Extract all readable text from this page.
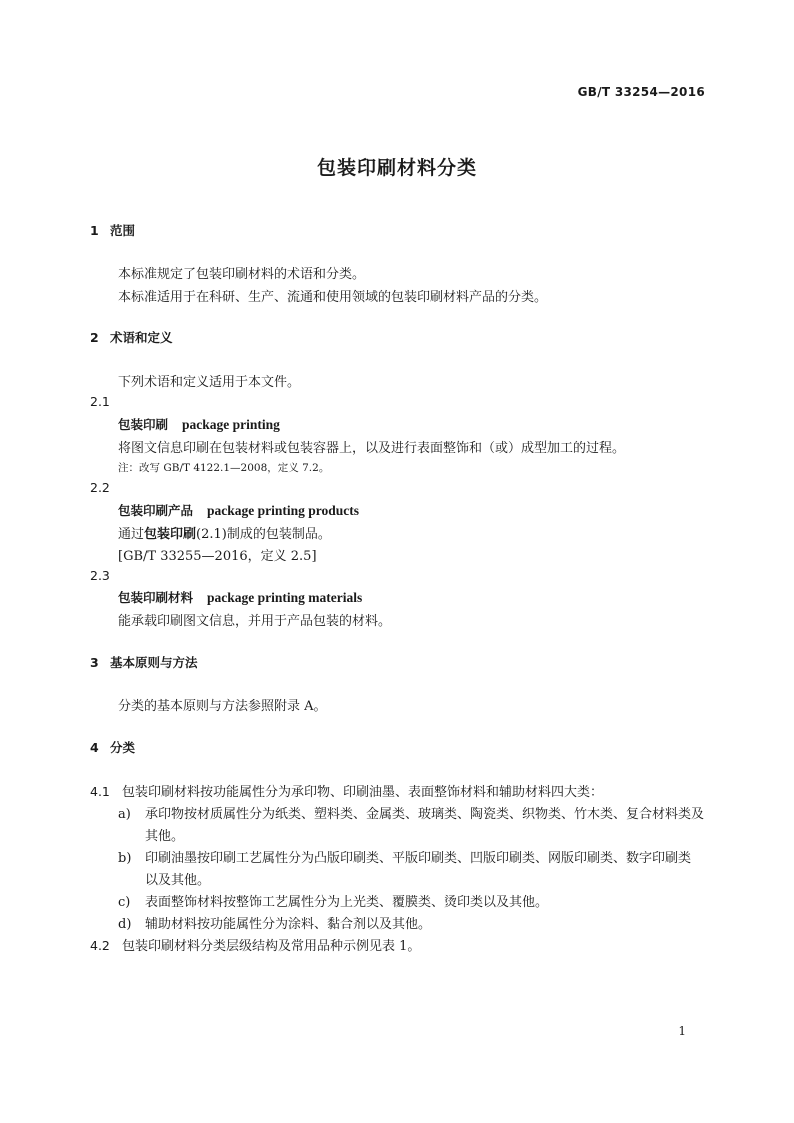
GB/T 33254—2016
包装印刷材料分类
1 范围
本标准规定了包装印刷材料的术语和分类。
本标准适用于在科研、生产、流通和使用领域的包装印刷材料产品的分类。
2 术语和定义
下列术语和定义适用于本文件。
2.1
包装印刷 package printing
将图文信息印刷在包装材料或包装容器上，以及进行表面整饰和（或）成型加工的过程。
注：改写 GB/T 4122.1—2008，定义 7.2。
2.2
包装印刷产品 package printing products
通过包装印刷(2.1)制成的包装制品。
[GB/T 33255—2016，定义 2.5]
2.3
包装印刷材料 package printing materials
能承载印刷图文信息，并用于产品包装的材料。
3 基本原则与方法
分类的基本原则与方法参照附录 A。
4 分类
4.1 包装印刷材料按功能属性分为承印物、印刷油墨、表面整饰材料和辅助材料四大类：
a) 承印物按材质属性分为纸类、塑料类、金属类、玻璃类、陶瓷类、织物类、竹木类、复合材料类及
其他。
b) 印刷油墨按印刷工艺属性分为凸版印刷类、平版印刷类、凹版印刷类、网版印刷类、数字印刷类
以及其他。
c) 表面整饰材料按整饰工艺属性分为上光类、覆膜类、烫印类以及其他。
d) 辅助材料按功能属性分为涂料、黏合剂以及其他。
4.2 包装印刷材料分类层级结构及常用品种示例见表 1。
1
